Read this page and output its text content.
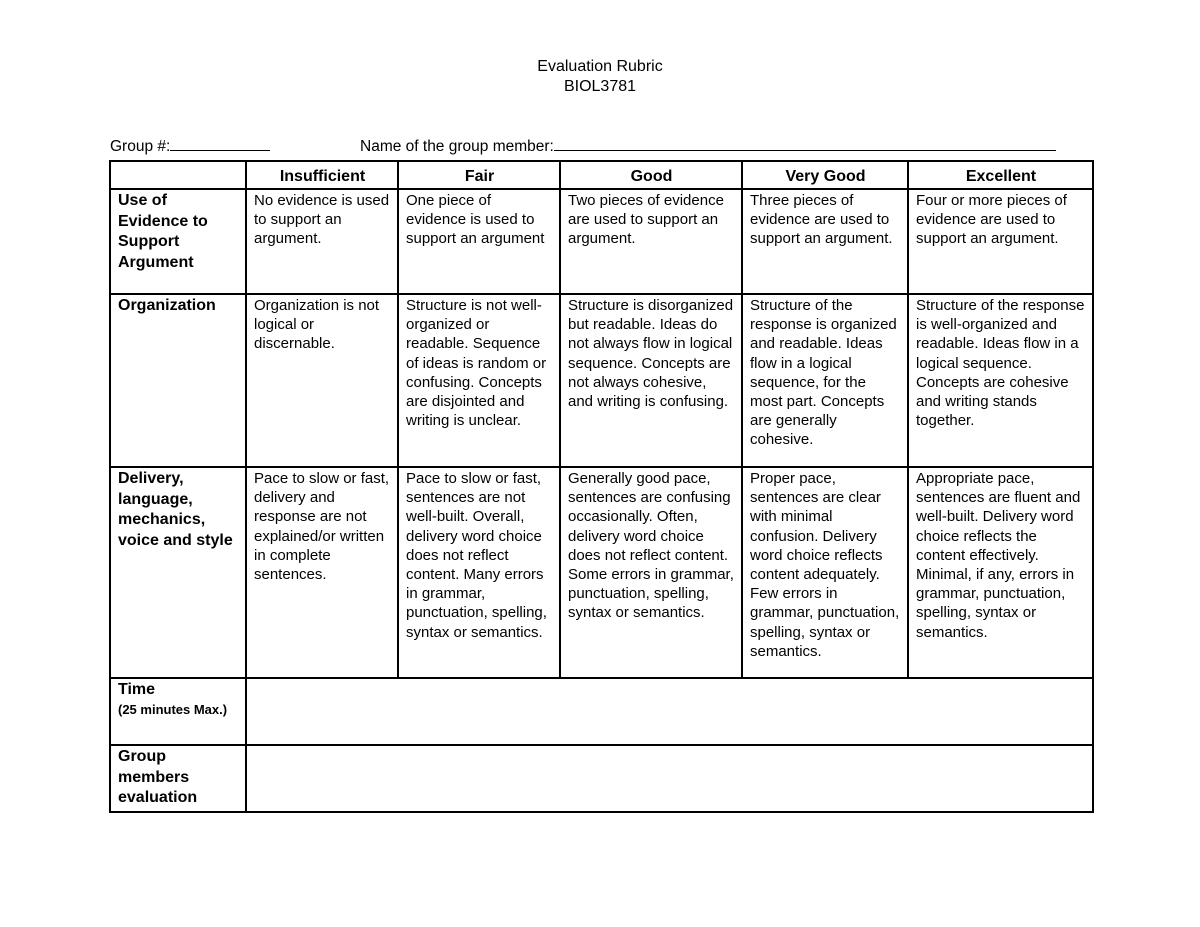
Evaluation Rubric
BIOL3781
Group #:	Name of the group member:
	Insufficient	Fair	Good	Very Good	Excellent
Use of Evidence to Support Argument	No evidence is used to support an argument.	One piece of evidence is used to support an argument	Two pieces of evidence are used to support an argument.	Three pieces of evidence are used to support an argument.	Four or more pieces of evidence are used to support an argument.
Organization	Organization is not logical or discernable.	Structure is not well-organized or readable. Sequence of ideas is random or confusing. Concepts are disjointed and writing is unclear.	Structure is disorganized but readable. Ideas do not always flow in logical sequence. Concepts are not always cohesive, and writing is confusing.	Structure of the response is organized and readable. Ideas flow in a logical sequence, for the most part. Concepts are generally cohesive.	Structure of the response is well-organized and readable. Ideas flow in a logical sequence. Concepts are cohesive and writing stands together.
Delivery, language, mechanics, voice and style	Pace to slow or fast, delivery and response are not explained/or written in complete sentences.	Pace to slow or fast, sentences are not well-built. Overall, delivery word choice does not reflect content. Many errors in grammar, punctuation, spelling, syntax or semantics.	Generally good pace, sentences are confusing occasionally. Often, delivery word choice does not reflect content. Some errors in grammar, punctuation, spelling, syntax or semantics.	Proper pace, sentences are clear with minimal confusion. Delivery word choice reflects content adequately. Few errors in grammar, punctuation, spelling, syntax or semantics.	Appropriate pace, sentences are fluent and well-built. Delivery word choice reflects the content effectively. Minimal, if any, errors in grammar, punctuation, spelling, syntax or semantics.

Time
(25 minutes Max.)					

Group members evaluation					
